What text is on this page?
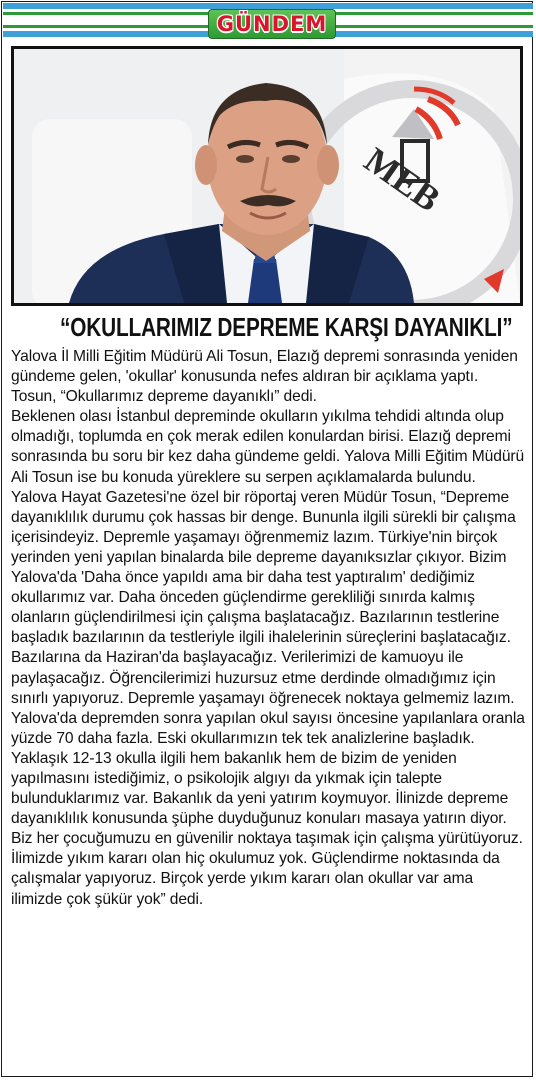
GÜNDEM
MEB
“OKULLARIMIZ DEPREME KARŞI DAYANIKLI”

Yalova İl Milli Eğitim Müdürü Ali Tosun, Elazığ depremi sonrasında yeniden gündeme gelen, 'okullar' konusunda nefes aldıran bir açıklama yaptı. Tosun, “Okullarımız depreme dayanıklı” dedi.

Beklenen olası İstanbul depreminde okulların yıkılma tehdidi altında olup olmadığı, toplumda en çok merak edilen konulardan birisi. Elazığ depremi sonrasında bu soru bir kez daha gündeme geldi. Yalova Milli Eğitim Müdürü Ali Tosun ise bu konuda yüreklere su serpen açıklamalarda bulundu.

Yalova Hayat Gazetesi'ne özel bir röportaj veren Müdür Tosun, “Depreme dayanıklılık durumu çok hassas bir denge. Bununla ilgili sürekli bir çalışma içerisindeyiz. Depremle yaşamayı öğrenmemiz lazım. Türkiye'nin birçok yerinden yeni yapılan binalarda bile depreme dayanıksızlar çıkıyor. Bizim Yalova'da 'Daha önce yapıldı ama bir daha test yaptıralım' dediğimiz okullarımız var. Daha önceden güçlendirme gerekliliği sınırda kalmış olanların güçlendirilmesi için çalışma başlatacağız. Bazılarının testlerine başladık bazılarının da testleriyle ilgili ihalelerinin süreçlerini başlatacağız. Bazılarına da Haziran'da başlayacağız. Verilerimizi de kamuoyu ile paylaşacağız. Öğrencilerimizi huzursuz etme derdinde olmadığımız için sınırlı yapıyoruz. Depremle yaşamayı öğrenecek noktaya gelmemiz lazım. Yalova'da depremden sonra yapılan okul sayısı öncesine yapılanlara oranla yüzde 70 daha fazla. Eski okullarımızın tek tek analizlerine başladık. Yaklaşık 12-13 okulla ilgili hem bakanlık hem de bizim de yeniden yapılmasını istediğimiz, o psikolojik algıyı da yıkmak için talepte bulunduklarımız var. Bakanlık da yeni yatırım koymuyor. İlinizde depreme dayanıklılık konusunda şüphe duyduğunuz konuları masaya yatırın diyor. Biz her çocuğumuzu en güvenilir noktaya taşımak için çalışma yürütüyoruz. İlimizde yıkım kararı olan hiç okulumuz yok. Güçlendirme noktasında da çalışmalar yapıyoruz. Birçok yerde yıkım kararı olan okullar var ama ilimizde çok şükür yok” dedi.
